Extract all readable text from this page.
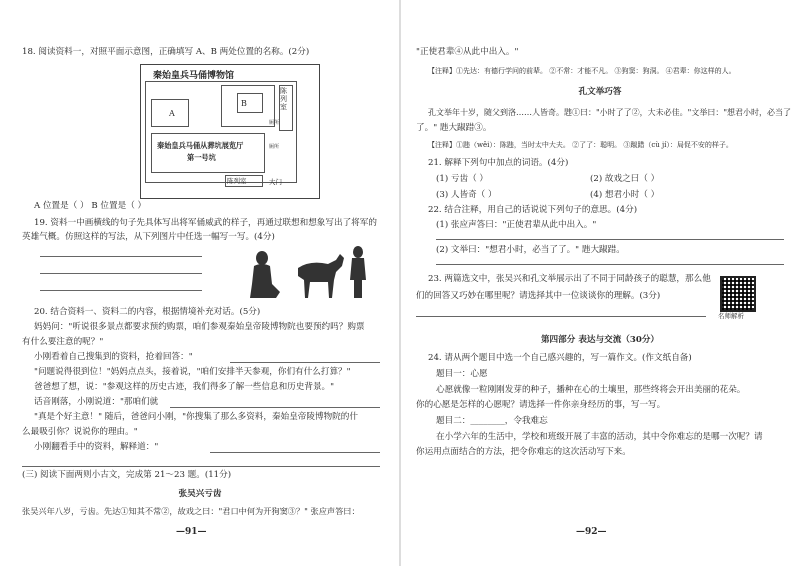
18. 阅读资料一，对照平面示意图，正确填写 A、B 两处位置的名称。(2分)
秦始皇兵马俑博物馆
A
B
陈列室
厕所
秦始皇兵马俑从葬坑展览厅
第一号坑
厕所
陈列室	大门
A 位置是（ ） B 位置是（ ）
19. 资料一中画横线的句子先具体写出将军俑威武的样子，再通过联想和想象写出了将军的
英雄气概。仿照这样的写法，从下列图片中任选一幅写一写。(4分)
20. 结合资料一、资料二的内容，根据情境补充对话。(5分)
妈妈问："听说很多景点都要求预约购票，咱们参观秦始皇帝陵博物院也要预约吗？购票
有什么要注意的呢？"
小刚看着自己搜集到的资料，抢着回答："
"问题说得很到位！"妈妈点点头，接着说，"咱们安排半天参观，你们有什么打算？"
爸爸想了想，说："参观这样的历史古迹，我们得多了解一些信息和历史背景。"
话音刚落，小刚说道："那咱们就
"真是个好主意！" 随后，爸爸问小刚，"你搜集了那么多资料，秦始皇帝陵博物院的什
么最吸引你？说说你的理由。"
小刚翻看手中的资料，解释道："
(三) 阅读下面两则小古文，完成第 21～23 题。(11分)
张吴兴亏齿
张吴兴年八岁，亏齿。先达①知其不常②，故戏之曰："君口中何为开狗窦③？" 张应声答曰：
—91—
"正使君辈④从此中出入。"
【注释】①先达：有德行学问的前辈。 ②不常：才能不凡。 ③狗窦：狗洞。 ④君辈：你这样的人。
孔文举巧答
孔文举年十岁，随父到洛……人皆奇。韪①曰："小时了了②，大未必佳。"文举曰："想君小时，必当了
了。" 韪大踧踖③。
【注释】①韪（wěi）：陈韪，当时太中大夫。 ②了了：聪明。 ③踧踖（cù jí）：局促不安的样子。
21. 解释下列句中加点的词语。(4分)
(1) 亏齿（ ）	(2) 故戏之曰（ ）
(3) 人皆奇（ ）	(4) 想君小时（ ）
22. 结合注释，用自己的话说说下列句子的意思。(4分)
(1) 张应声答曰："正使君辈从此中出入。"
(2) 文举曰："想君小时，必当了了。" 韪大踧踖。
23. 两篇选文中，张吴兴和孔文举展示出了不同于同龄孩子的聪慧，那么他
们的回答又巧妙在哪里呢？请选择其中一位谈谈你的理解。(3分)
名师解析
第四部分 表达与交流（30分）
24. 请从两个题目中选一个自己感兴趣的，写一篇作文。(作文纸自备)
题目一：心愿
心愿就像一粒刚刚发芽的种子，播种在心的土壤里，那些终将会开出美丽的花朵。
你的心愿是怎样的心愿呢？请选择一件你亲身经历的事，写一写。
题目二：________，令我难忘
在小学六年的生活中，学校和班级开展了丰富的活动，其中令你难忘的是哪一次呢？请
你运用点面结合的方法，把令你难忘的这次活动写下来。
—92—
